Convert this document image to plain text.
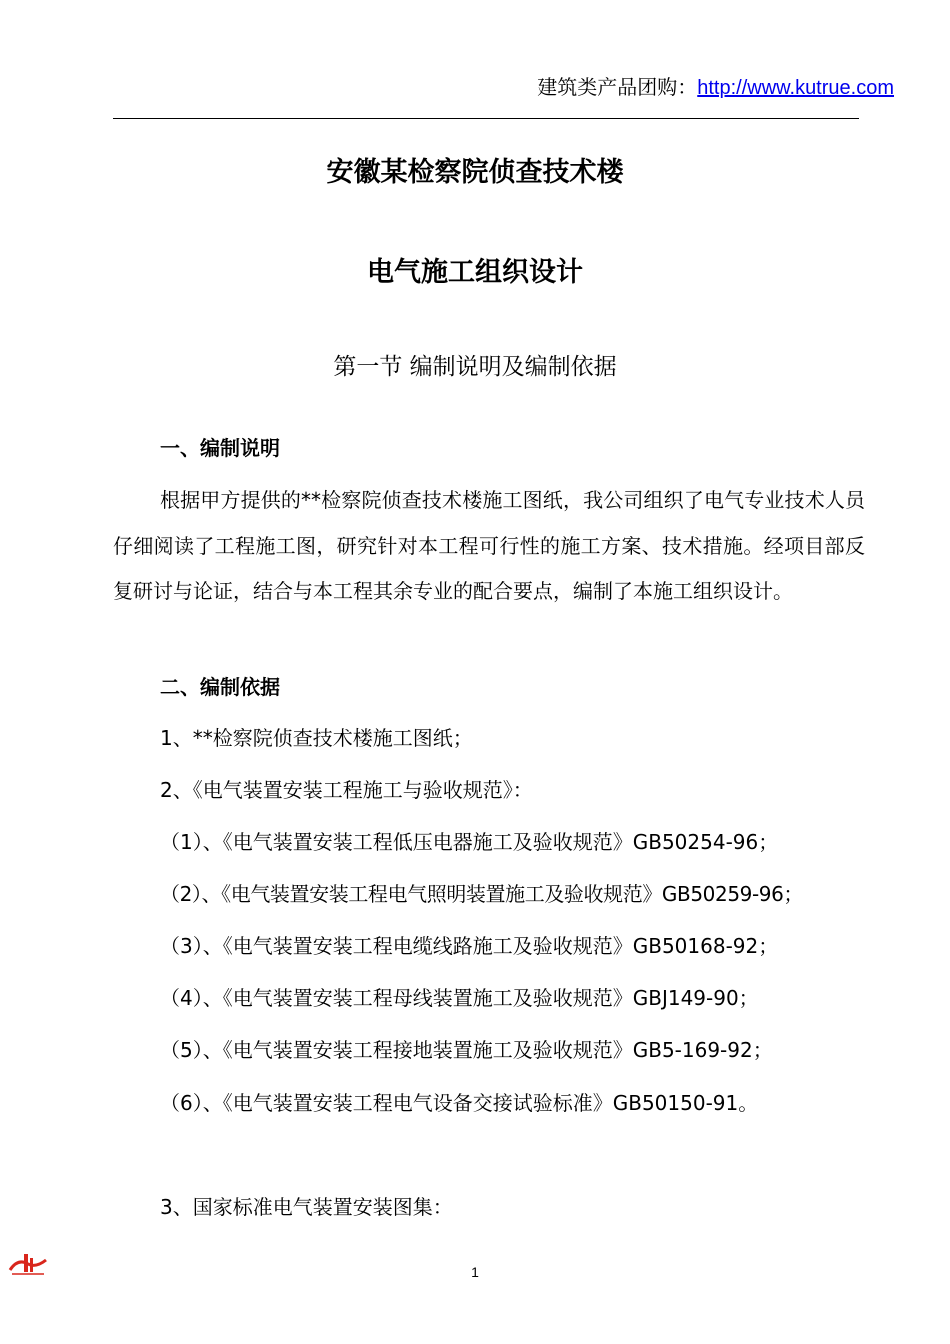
建筑类产品团购：http://www.kutrue.com
安徽某检察院侦查技术楼
电气施工组织设计
第一节 编制说明及编制依据
一、编制说明
根据甲方提供的**检察院侦查技术楼施工图纸，我公司组织了电气专业技术人员仔细阅读了工程施工图，研究针对本工程可行性的施工方案、技术措施。经项目部反复研讨与论证，结合与本工程其余专业的配合要点，编制了本施工组织设计。
二、编制依据
1、**检察院侦查技术楼施工图纸；
2、《电气装置安装工程施工与验收规范》：
（1）、《电气装置安装工程低压电器施工及验收规范》GB50254-96；
（2）、《电气装置安装工程电气照明装置施工及验收规范》GB50259-96；
（3）、《电气装置安装工程电缆线路施工及验收规范》GB50168-92；
（4）、《电气装置安装工程母线装置施工及验收规范》GBJ149-90；
（5）、《电气装置安装工程接地装置施工及验收规范》GB5-169-92；
（6）、《电气装置安装工程电气设备交接试验标准》GB50150-91。
3、国家标准电气装置安装图集：
1
